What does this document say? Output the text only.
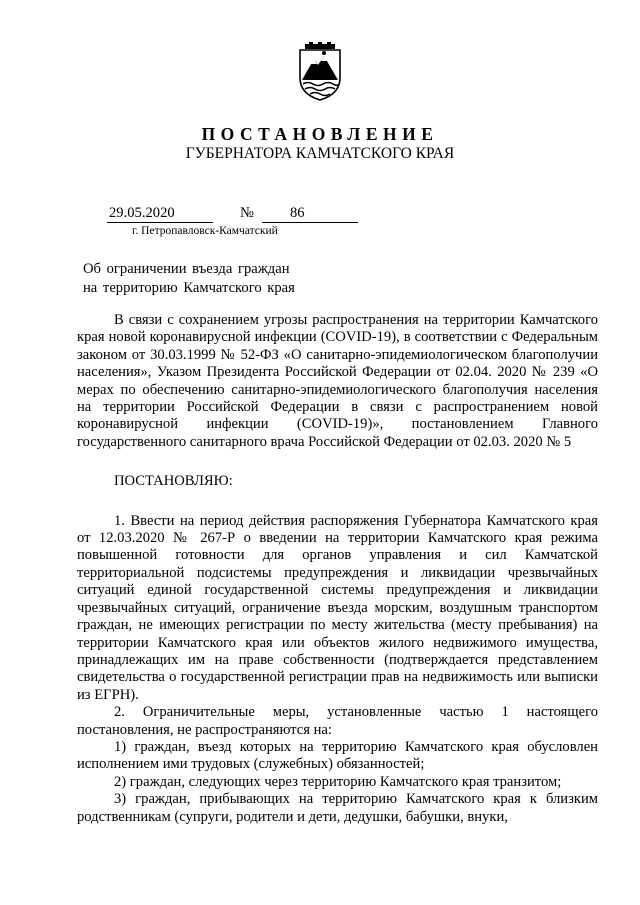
ПОСТАНОВЛЕНИЕ
ГУБЕРНАТОРА КАМЧАТСКОГО КРАЯ
29.05.2020	№ 86
г. Петропавловск-Камчатский
Об ограничении въезда граждан
на территорию Камчатского края

В связи с сохранением угрозы распространения на территории Камчатского края новой коронавирусной инфекции (COVID-19), в соответствии с Федеральным законом от 30.03.1999 № 52-ФЗ «О санитарно-эпидемиологическом благополучии населения», Указом Президента Российской Федерации от 02.04. 2020 № 239 «О мерах по обеспечению санитарно-эпидемиологического благополучия населения на территории Российской Федерации в связи с распространением новой коронавирусной инфекции (COVID-19)», постановлением Главного государственного санитарного врача Российской Федерации от 02.03. 2020 № 5

ПОСТАНОВЛЯЮ:

1. Ввести на период действия распоряжения Губернатора Камчатского края от 12.03.2020 № 267-Р о введении на территории Камчатского края режима повышенной готовности для органов управления и сил Камчатской территориальной подсистемы предупреждения и ликвидации чрезвычайных ситуаций единой государственной системы предупреждения и ликвидации чрезвычайных ситуаций, ограничение въезда морским, воздушным транспортом граждан, не имеющих регистрации по месту жительства (месту пребывания) на территории Камчатского края или объектов жилого недвижимого имущества, принадлежащих им на праве собственности (подтверждается представлением свидетельства о государственной регистрации прав на недвижимость или выписки из ЕГРН).

2. Ограничительные меры, установленные частью 1 настоящего постановления, не распространяются на:

1) граждан, въезд которых на территорию Камчатского края обусловлен исполнением ими трудовых (служебных) обязанностей;

2) граждан, следующих через территорию Камчатского края транзитом;

3) граждан, прибывающих на территорию Камчатского края к близким родственникам (супруги, родители и дети, дедушки, бабушки, внуки,
